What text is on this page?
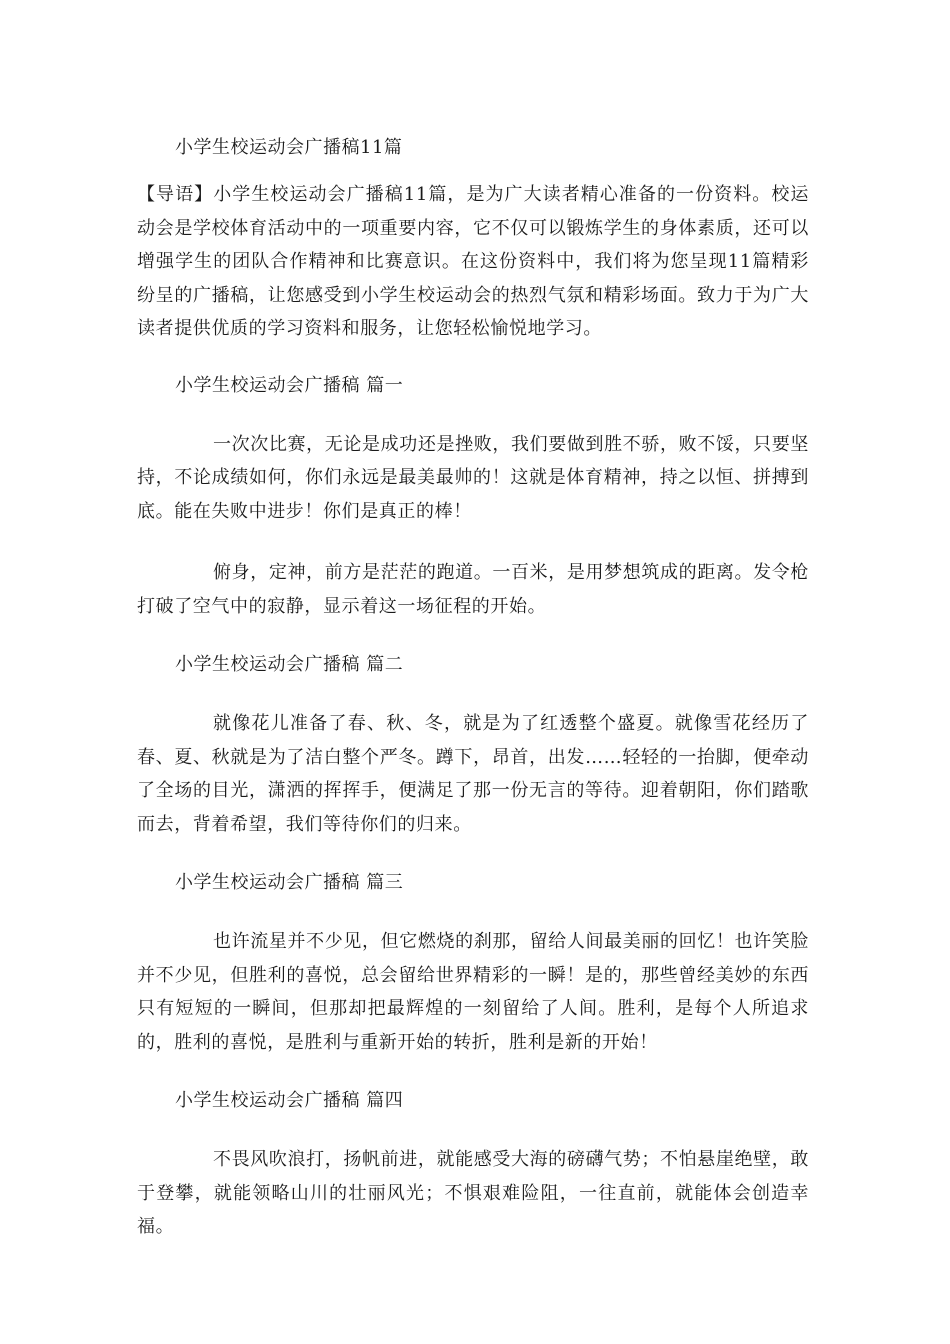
小学生校运动会广播稿11篇
【导语】小学生校运动会广播稿11篇，是为广大读者精心准备的一份资料。校运动会是学校体育活动中的一项重要内容，它不仅可以锻炼学生的身体素质，还可以增强学生的团队合作精神和比赛意识。在这份资料中，我们将为您呈现11篇精彩纷呈的广播稿，让您感受到小学生校运动会的热烈气氛和精彩场面。致力于为广大读者提供优质的学习资料和服务，让您轻松愉悦地学习。
小学生校运动会广播稿 篇一
一次次比赛，无论是成功还是挫败，我们要做到胜不骄，败不馁，只要坚持，不论成绩如何，你们永远是最美最帅的！这就是体育精神，持之以恒、拼搏到底。能在失败中进步！你们是真正的棒！
俯身，定神，前方是茫茫的跑道。一百米，是用梦想筑成的距离。发令枪打破了空气中的寂静，显示着这一场征程的开始。
小学生校运动会广播稿 篇二
就像花儿准备了春、秋、冬，就是为了红透整个盛夏。就像雪花经历了春、夏、秋就是为了洁白整个严冬。蹲下，昂首，出发……轻轻的一抬脚，便牵动了全场的目光，潇洒的挥挥手，便满足了那一份无言的等待。迎着朝阳，你们踏歌而去，背着希望，我们等待你们的归来。
小学生校运动会广播稿 篇三
也许流星并不少见，但它燃烧的刹那，留给人间最美丽的回忆！也许笑脸并不少见，但胜利的喜悦，总会留给世界精彩的一瞬！是的，那些曾经美妙的东西只有短短的一瞬间，但那却把最辉煌的一刻留给了人间。胜利，是每个人所追求的，胜利的喜悦，是胜利与重新开始的转折，胜利是新的开始！
小学生校运动会广播稿 篇四
不畏风吹浪打，扬帆前进，就能感受大海的磅礴气势；不怕悬崖绝壁，敢于登攀，就能领略山川的壮丽风光；不惧艰难险阻，一往直前，就能体会创造幸福。
